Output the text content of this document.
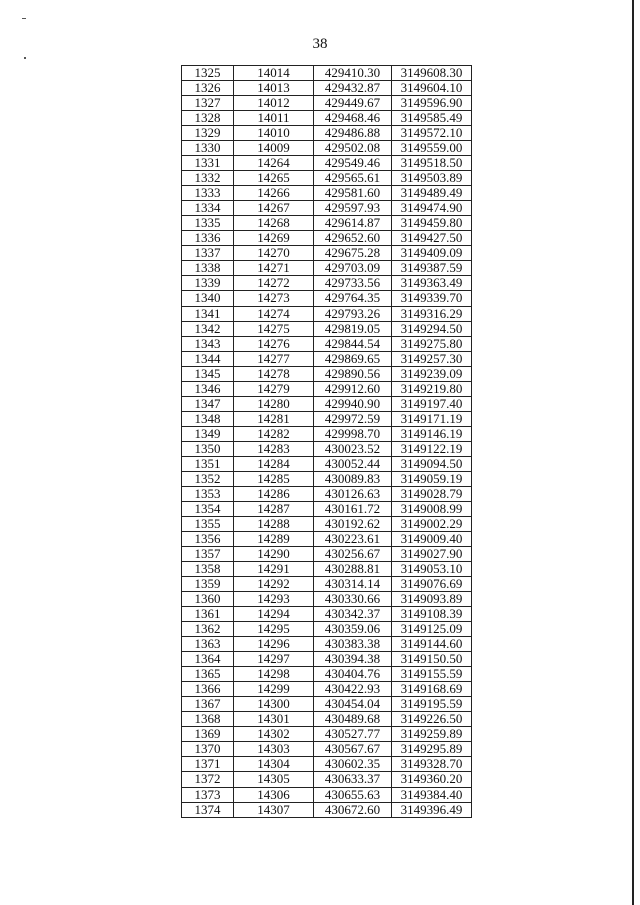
38
1325	14014	429410.30	3149608.30
1326	14013	429432.87	3149604.10
1327	14012	429449.67	3149596.90
1328	14011	429468.46	3149585.49
1329	14010	429486.88	3149572.10
1330	14009	429502.08	3149559.00
1331	14264	429549.46	3149518.50
1332	14265	429565.61	3149503.89
1333	14266	429581.60	3149489.49
1334	14267	429597.93	3149474.90
1335	14268	429614.87	3149459.80
1336	14269	429652.60	3149427.50
1337	14270	429675.28	3149409.09
1338	14271	429703.09	3149387.59
1339	14272	429733.56	3149363.49
1340	14273	429764.35	3149339.70
1341	14274	429793.26	3149316.29
1342	14275	429819.05	3149294.50
1343	14276	429844.54	3149275.80
1344	14277	429869.65	3149257.30
1345	14278	429890.56	3149239.09
1346	14279	429912.60	3149219.80
1347	14280	429940.90	3149197.40
1348	14281	429972.59	3149171.19
1349	14282	429998.70	3149146.19
1350	14283	430023.52	3149122.19
1351	14284	430052.44	3149094.50
1352	14285	430089.83	3149059.19
1353	14286	430126.63	3149028.79
1354	14287	430161.72	3149008.99
1355	14288	430192.62	3149002.29
1356	14289	430223.61	3149009.40
1357	14290	430256.67	3149027.90
1358	14291	430288.81	3149053.10
1359	14292	430314.14	3149076.69
1360	14293	430330.66	3149093.89
1361	14294	430342.37	3149108.39
1362	14295	430359.06	3149125.09
1363	14296	430383.38	3149144.60
1364	14297	430394.38	3149150.50
1365	14298	430404.76	3149155.59
1366	14299	430422.93	3149168.69
1367	14300	430454.04	3149195.59
1368	14301	430489.68	3149226.50
1369	14302	430527.77	3149259.89
1370	14303	430567.67	3149295.89
1371	14304	430602.35	3149328.70
1372	14305	430633.37	3149360.20
1373	14306	430655.63	3149384.40
1374	14307	430672.60	3149396.49
